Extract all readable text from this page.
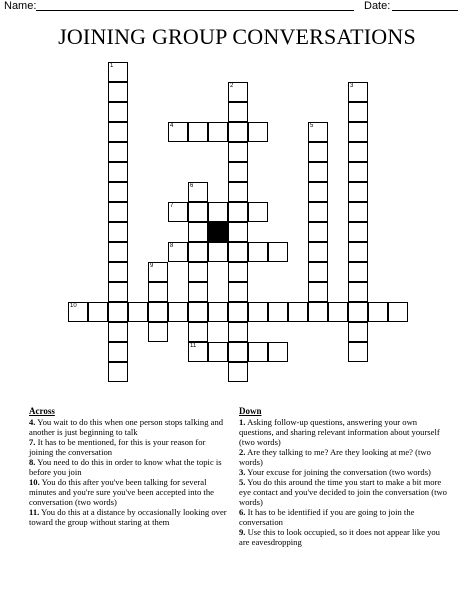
Name:	Date:
JOINING GROUP CONVERSATIONS
1
2	3
5
6
11
9
4
7
8
10
Across

4. You wait to do this when one person stops talking and another is just beginning to talk

7. It has to be mentioned, for this is your reason for joining the conversation

8. You need to do this in order to know what the topic is before you join

10. You do this after you've been talking for several minutes and you're sure you've been accepted into the conversation (two words)

11. You do this at a distance by occasionally looking over toward the group without staring at them

Down

1. Asking follow-up questions, answering your own questions, and sharing relevant information about yourself (two words)

2. Are they talking to me? Are they looking at me? (two words)

3. Your excuse for joining the conversation (two words)

5. You do this around the time you start to make a bit more eye contact and you've decided to join the conversation (two words)

6. It has to be identified if you are going to join the conversation

9. Use this to look occupied, so it does not appear like you are eavesdropping
